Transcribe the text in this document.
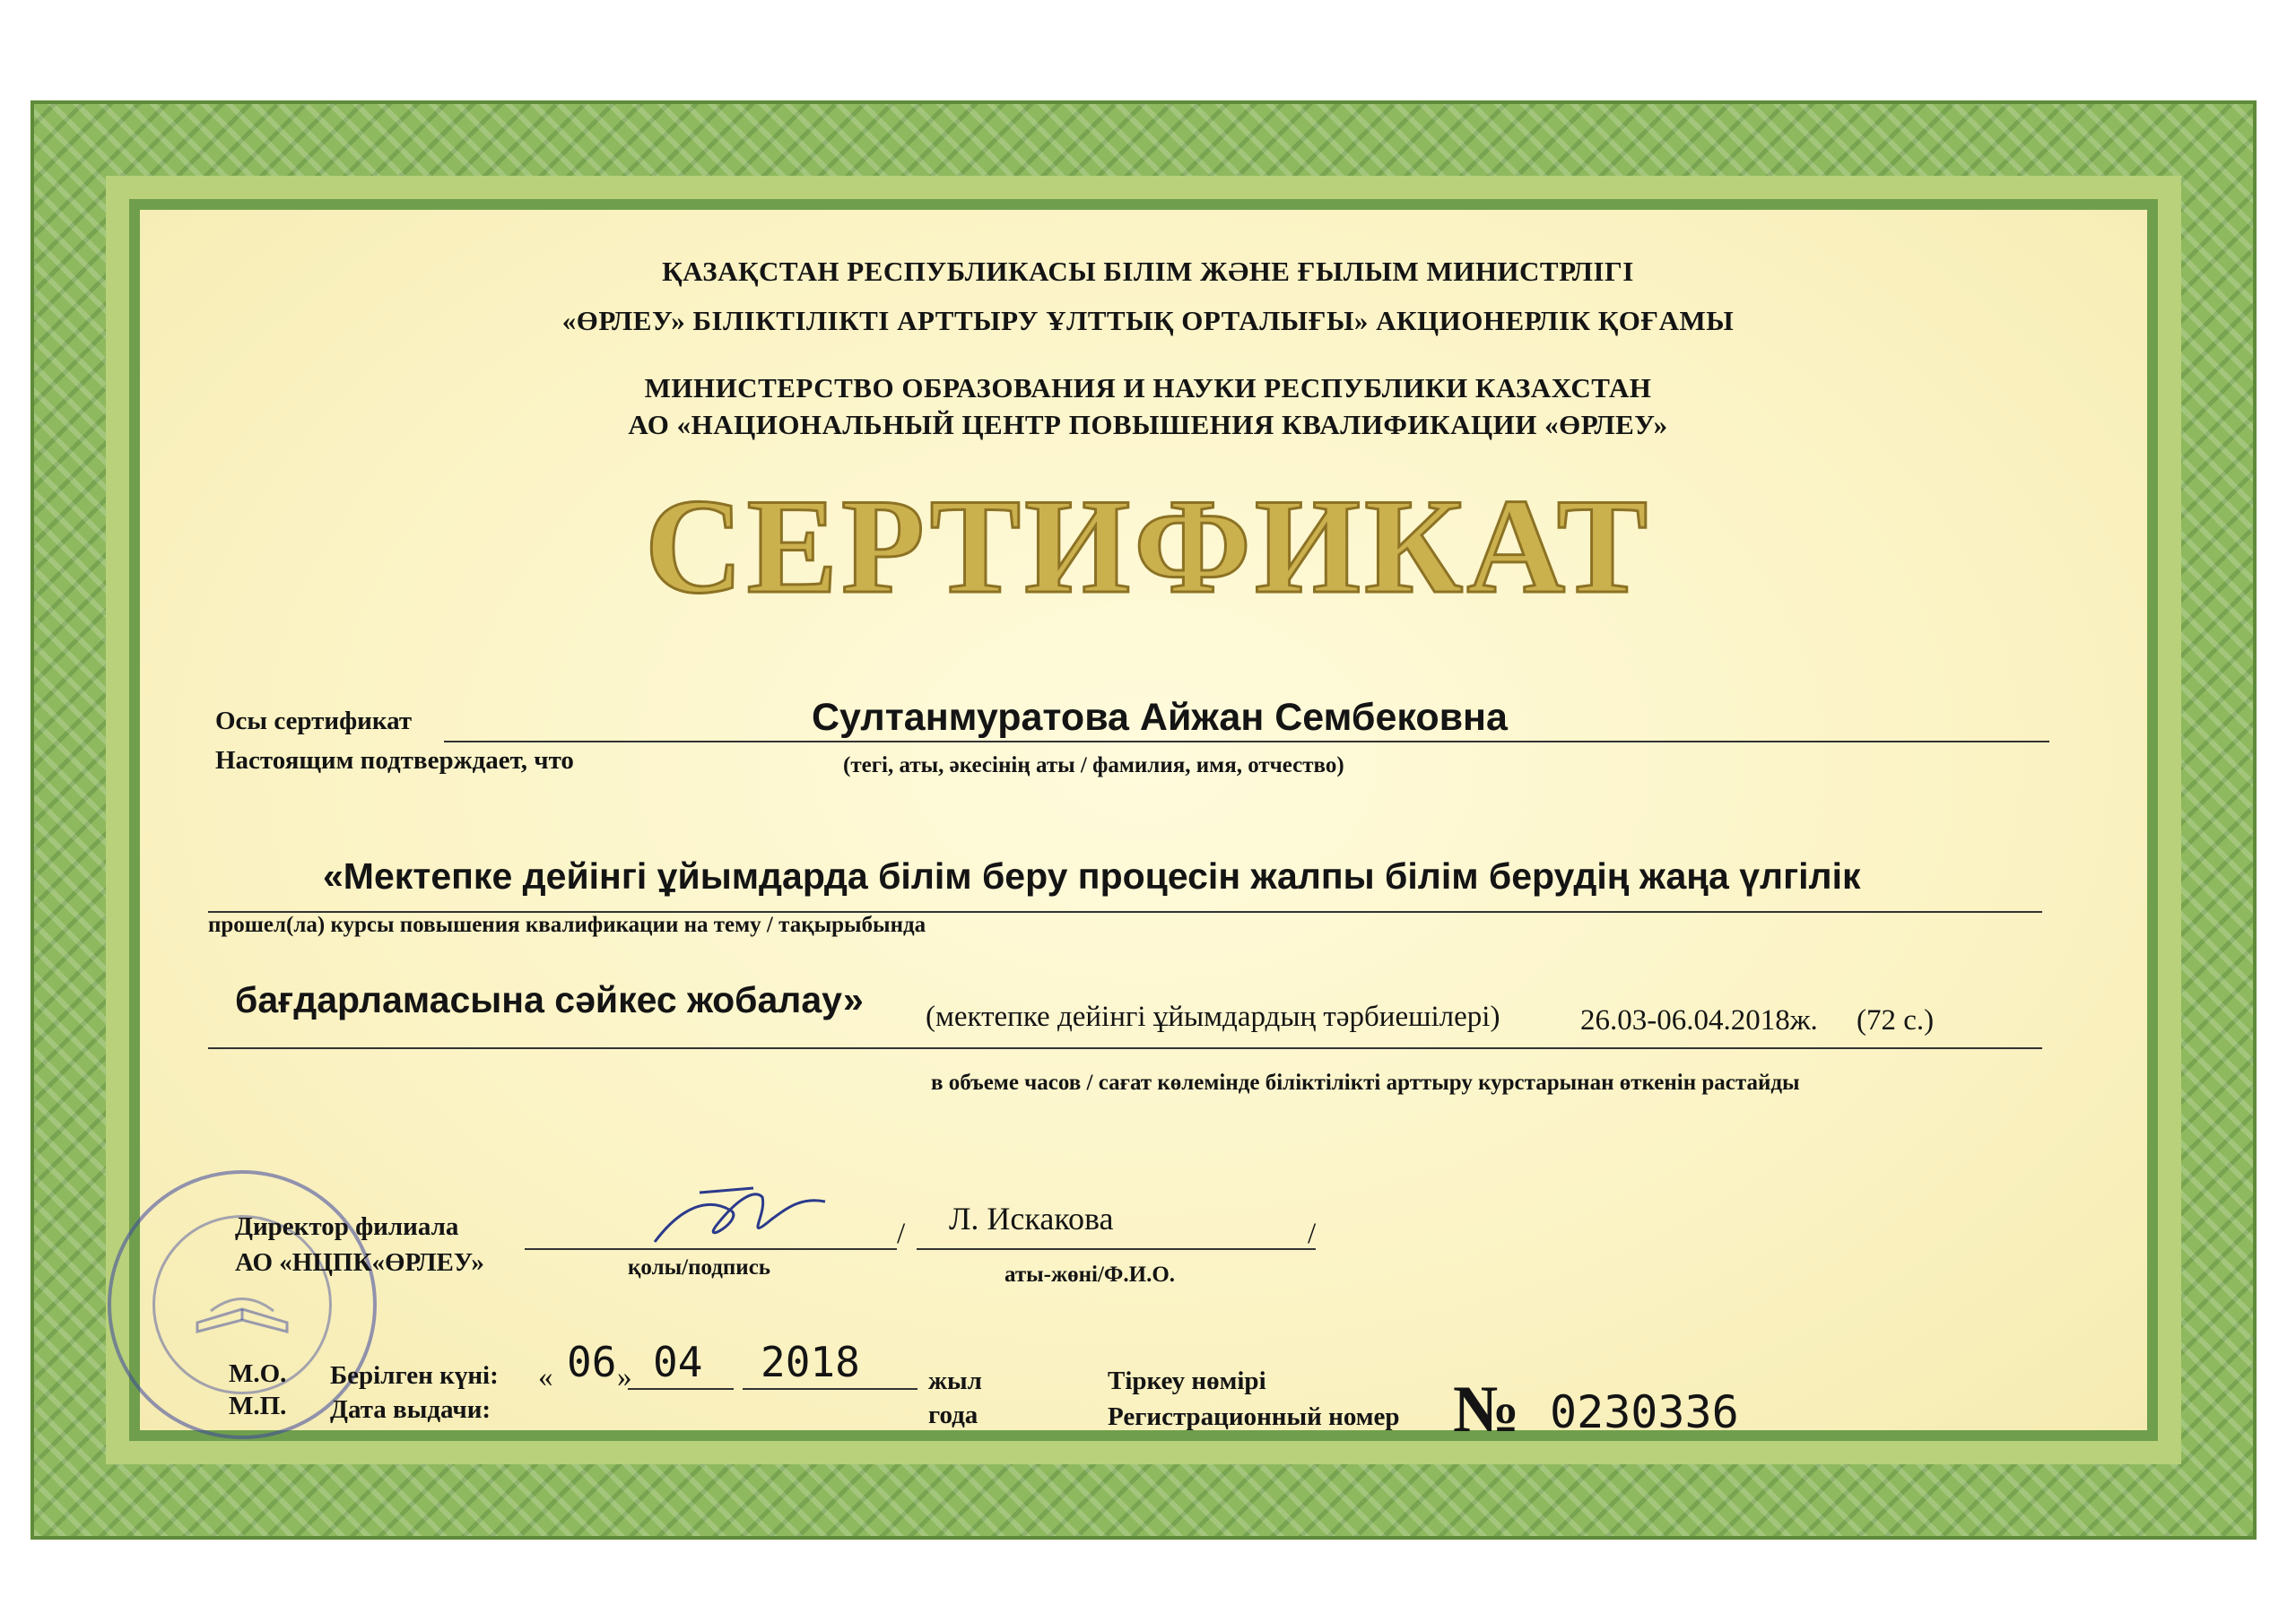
ҚАЗАҚСТАН РЕСПУБЛИКАСЫ БІЛІМ ЖӘНЕ ҒЫЛЫМ МИНИСТРЛІГІ
«ӨРЛЕУ» БІЛІКТІЛІКТІ АРТТЫРУ ҰЛТТЫҚ ОРТАЛЫҒЫ» АКЦИОНЕРЛІК ҚОҒАМЫ
МИНИСТЕРСТВО ОБРАЗОВАНИЯ И НАУКИ РЕСПУБЛИКИ КАЗАХСТАН
АО «НАЦИОНАЛЬНЫЙ ЦЕНТР ПОВЫШЕНИЯ КВАЛИФИКАЦИИ «ӨРЛЕУ»
СЕРТИФИКАТ
Осы сертификат	Султанмуратова Айжан Сембековна
Настоящим подтверждает, что	(тегі, аты, әкесінің аты / фамилия, имя, отчество)
«Мектепке дейінгі ұйымдарда білім беру процесін жалпы білім берудің жаңа үлгілік
прошел(ла) курсы повышения квалификации на тему / тақырыбында
бағдарламасына сәйкес жобалау» (мектепке дейінгі ұйымдардың тәрбиешілері)	26.03-06.04.2018ж. (72 с.)
в объеме часов / сағат көлемінде біліктілікті арттыру курстарынан өткенін растайды
Директор филиала
АО «НЦПК«ӨРЛЕУ»
/ Л. Искакова	/
қолы/подпись	аты-жөні/Ф.И.О.
М.О.
М.П.
Берілген күні:
Дата выдачи:
« 06 » 04 2018	жыл
года
Тіркеу нөмірі
Регистрационный номер № 0230336
